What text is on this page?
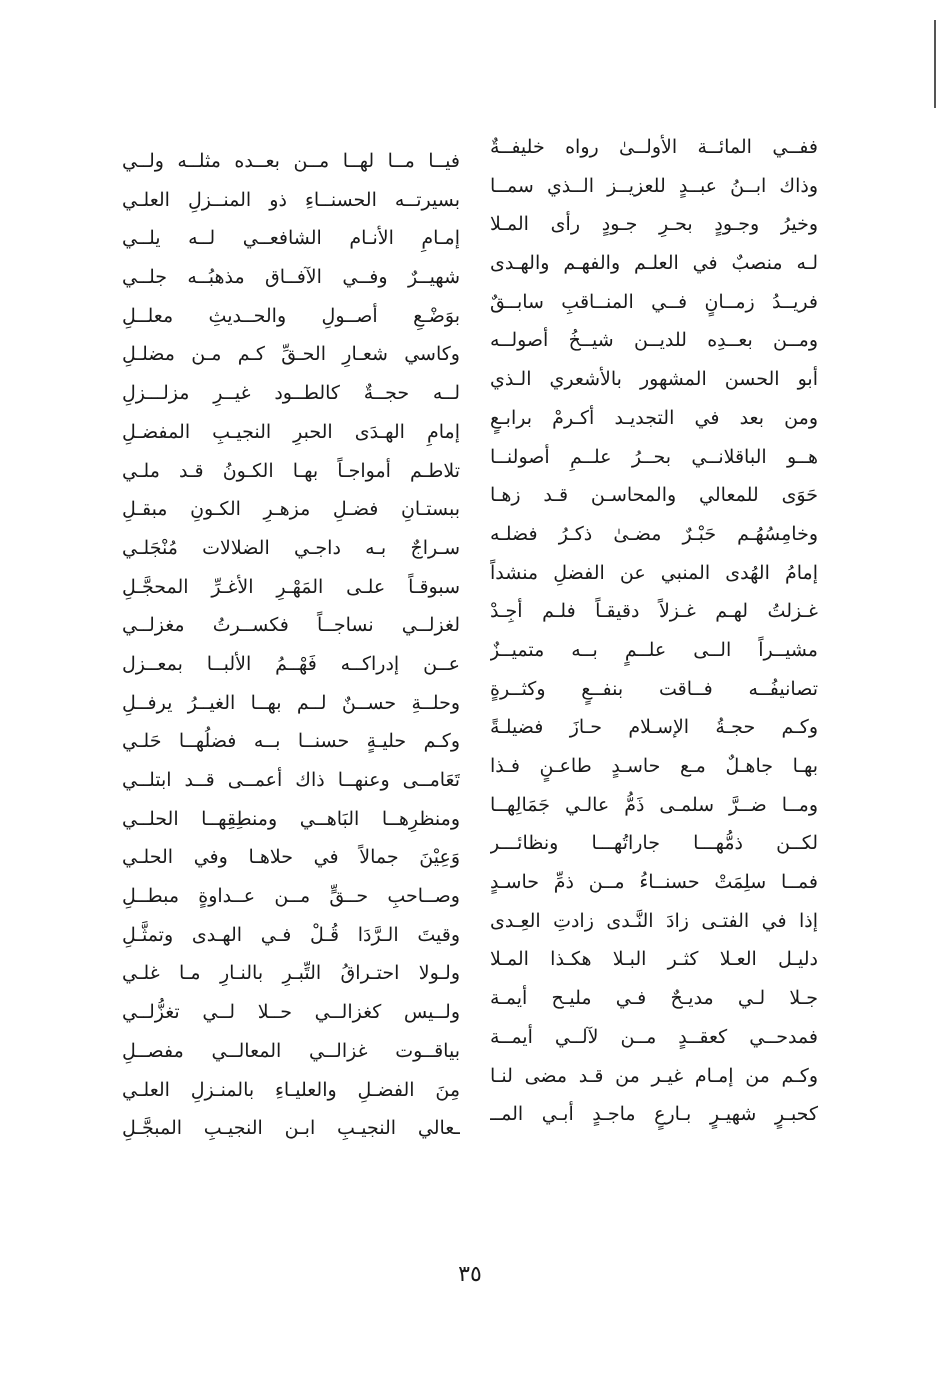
ففــي المائــة الأولــىٰ رواه خليفــةٌ
وذاك ابــنُ عبــدٍ للعزيــز الــذي سمــا
وخيرُ وجـودٍ بحـرِ جـودٍ رأى المـلا
لـه منصبٌ في العلـم والفهـم والهـدى
فريــدُ زمــانٍ فــي المنــاقبِ سابــقٌ
ومــن بعــدِه للديــن شيــخُ أصولــه
أبو الحسن المشهور بالأشعري الـذي
ومن بعد في التجديـد أكـرمْ برابـعٍ
هــو الباقلانــي بحــرُ علــمِ أصولنــا
حَوَى للمعالي والمحاسـن قـد زهـا
وخامِسُهُـم حَبْـرٌ مضـىٰ ذكـرُ فضلـه
إمامُ الهُدى المنبي عن الفضلِ منشداً
غـزلتُ لهـم غـزلاً دقيقـاً فلـم أجِـدْ
مشيــراً الــى علــمٍ بــه متميــزٌ
تصانيفُــه فــاقت بنفــعٍ وكثــرةٍ
وكـم حجـةُ الإسـلام حـازَ فضيلـةً
بهـا جاهـلٌ مـع حاسـدٍ طاعـنٍ فـذا
ومــا ضــرَّ سلمـى ذَمُّ عالـي جَمَالِهــا
لكــن ذمُّهـــا جاراتُهـــا ونظائـــر
فمــا سلِمَتْ حسنــاءُ مــن ذمِّ حاسـدٍ
إذا في الفتـى زادَ النَّـدى زادتِ العِـدى
دليـل العـلا كثـر البـلا هكـذا المـلا
جـلا لـي مديـحٌ فـي مليـح أيمـة
فمدحــي كعقــدٍ مــن لآلــي أيمــة
وكـم من إمـام غيـر من قـد مضى لنـا
كحبـرٍ شهيـرٍ بـارعٍ ماجـدٍ أبـي المــ
فيــا مــا لهــا مــن بعــده مثلــه ولــي
بسيرتــه الحسنــاءِ ذو المنــزلِ العلـي
إمـامِ الأنـام الشافعــي لــه يلــي
شهيــرٌ وفــي الآفــاق مذهبُــه جلــي
بوَضْـعِ أصــولِ والحــديثِ معلــلِ
وكاسي شعـارِ الحـقِّ كـم مـن مضلـلِ
لــه حجــةٌ كالطــود غيــرِ مزلـــزلِ
إمامِ الهـدَى الحبرِ النجيـبِ المفضـلِ
تلاطـم أمواجـاً بهـا الكـونُ قـد ملـي
ببستـانِ فضـلِ مزهـرِ الكـونِ مبقـلِ
سـراجٌ بـه داجـي الضلالات مُنْجَلـي
سبوقـاً علـى المَهْـرِ الأغـرِّ المحجَّـلِ
لغزلــي نساجــاً فكســرتُ مغزلــي
عــن إدراكــه فَهْــمُ الألبــا بمعــزل
وحلــةِ حســنٌ لــم بهــا الغيــرُ يرفــلِ
وكـم حليـةٍ حسنــا بــه فضلُهــا حَلـي
تَعَامــى وعنهــا ذاك أعمــى قــد ابتلــي
ومنظرِهــا البَاهــي ومنطِقِهــا الحلــي
وَعِيْنَ جمالاً في حلاهـا وفي الحلـي
وصــاحبِ حــقٍّ مــن عــداوةٍ مبطــلِ
وقيتَ الـرَّدَا قُـلْ فـي الهـدى وتمثَّـلِ
ولـولا احتـراقُ التِّبـرِ بالنـارِ مـا غلـي
ولــيس كغزالــي حــلا لــي تغزُّلــي
بياقــوت غزالــي المعالــي مفصــلِ
مِنَ الفضـلِ والعليـاءِ بالمنـزلِ العلـي
ـعالي النجيـبِ ابـن النجيـبِ المبجَّـلِ
٣٥
